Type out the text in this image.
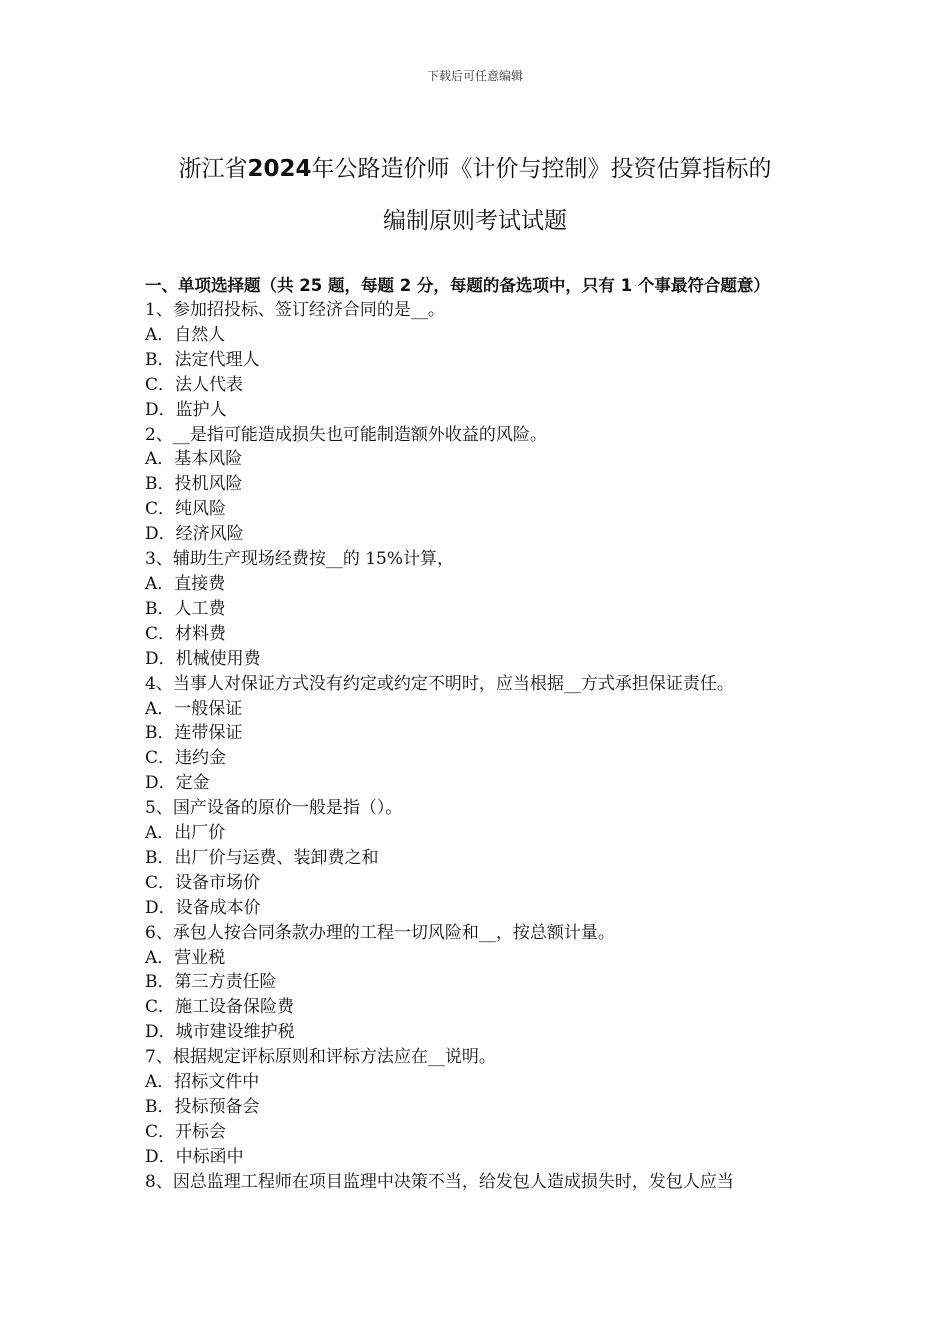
下载后可任意编辑
浙江省2024年公路造价师《计价与控制》投资估算指标的
编制原则考试试题
一、单项选择题（共 25 题，每题 2 分，每题的备选项中，只有 1 个事最符合题意）
1、参加招投标、签订经济合同的是__。
A．自然人
B．法定代理人
C．法人代表
D．监护人
2、__是指可能造成损失也可能制造额外收益的风险。
A．基本风险
B．投机风险
C．纯风险
D．经济风险
3、辅助生产现场经费按__的 15%计算，
A．直接费
B．人工费
C．材料费
D．机械使用费
4、当事人对保证方式没有约定或约定不明时，应当根据__方式承担保证责任。
A．一般保证
B．连带保证
C．违约金
D．定金
5、国产设备的原价一般是指（）。
A．出厂价
B．出厂价与运费、装卸费之和
C．设备市场价
D．设备成本价
6、承包人按合同条款办理的工程一切风险和__，按总额计量。
A．营业税
B．第三方责任险
C．施工设备保险费
D．城市建设维护税
7、根据规定评标原则和评标方法应在__说明。
A．招标文件中
B．投标预备会
C．开标会
D．中标函中
8、因总监理工程师在项目监理中决策不当，给发包人造成损失时，发包人应当
